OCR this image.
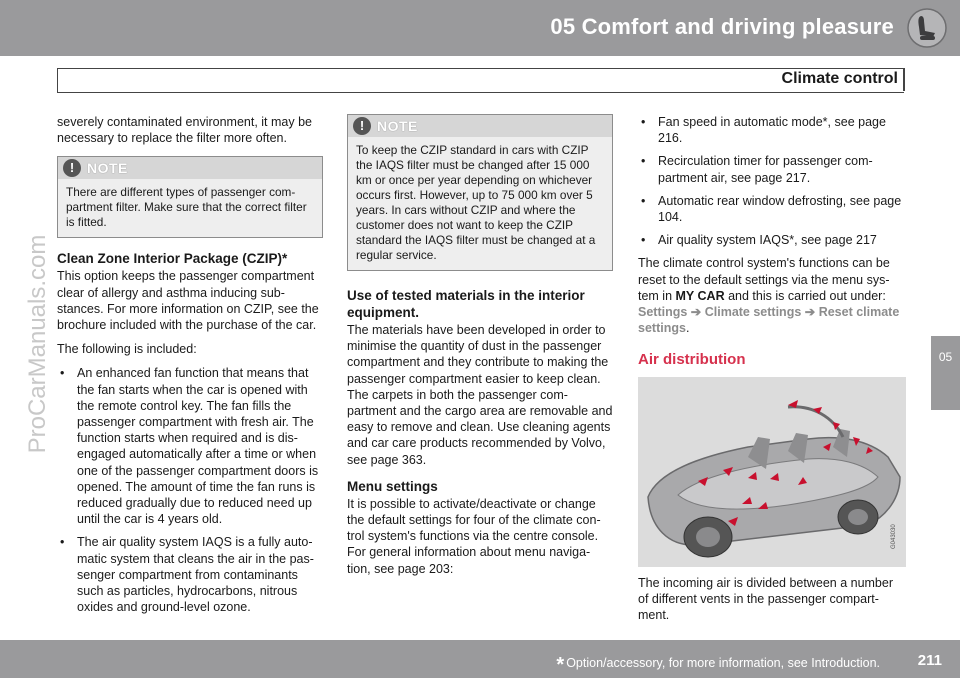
05 Comfort and driving pleasure
Climate control
05
ProCarManuals.com

severely contaminated environment, it may be necessary to replace the filter more often.

! NOTE
There are different types of passenger com-partment filter. Make sure that the correct filter is fitted.
Clean Zone Interior Package (CZIP)*

This option keeps the passenger compartment clear of allergy and asthma inducing sub-stances. For more information on CZIP, see the brochure included with the purchase of the car.

The following is included:

• An enhanced fan function that means that the fan starts when the car is opened with the remote control key. The fan fills the passenger compartment with fresh air. The function starts when required and is dis-engaged automatically after a time or when one of the passenger compartment doors is opened. The amount of time the fan runs is reduced gradually due to reduced need up until the car is 4 years old.
• The air quality system IAQS is a fully auto-matic system that cleans the air in the pas-senger compartment from contaminants such as particles, hydrocarbons, nitrous oxides and ground-level ozone.
! NOTE
To keep the CZIP standard in cars with CZIP the IAQS filter must be changed after 15 000 km or once per year depending on whichever occurs first. However, up to 75 000 km over 5 years. In cars without CZIP and where the customer does not want to keep the CZIP standard the IAQS filter must be changed at a regular service.
Use of tested materials in the interior equipment.

The materials have been developed in order to minimise the quantity of dust in the passenger compartment and they contribute to making the passenger compartment easier to keep clean. The carpets in both the passenger com-partment and the cargo area are removable and easy to remove and clean. Use cleaning agents and car care products recommended by Volvo, see page 363.

Menu settings

It is possible to activate/deactivate or change the default settings for four of the climate con-trol system's functions via the centre console. For general information about menu naviga-tion, see page 203:

• Fan speed in automatic mode*, see page 216.
• Recirculation timer for passenger com-partment air, see page 217.
• Automatic rear window defrosting, see page 104.
• Air quality system IAQS*, see page 217

The climate control system's functions can be reset to the default settings via the menu sys-tem in MY CAR and this is carried out under:
Settings ➔ Climate settings ➔ Reset climate settings.

Air distribution
G043030

The incoming air is divided between a number of different vents in the passenger compart-ment.

* Option/accessory, for more information, see Introduction.	211
